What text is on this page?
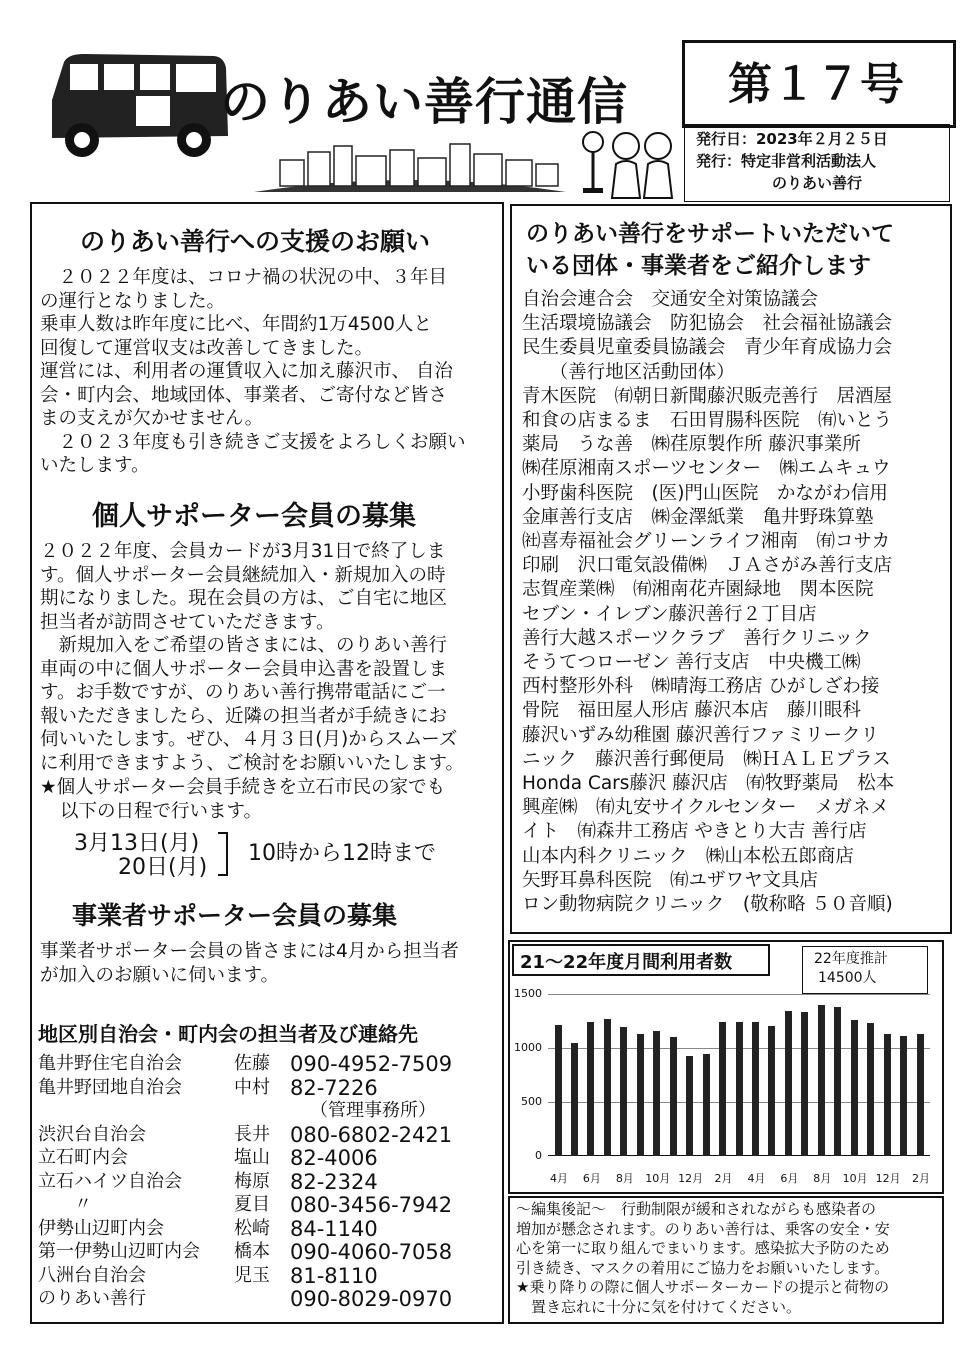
のりあい善行通信	第１７号
発行日：2023年２月２５日
発行：特定非営利活動法人
のりあい善行
のりあい善行への支援のお願い
　２０２２年度は、コロナ禍の状況の中、３年目
の運行となりました。
乗車人数は昨年度に比べ、年間約1万4500人と
回復して運営収支は改善してきました。
運営には、利用者の運賃収入に加え藤沢市、 自治
会・町内会、地域団体、事業者、ご寄付など皆さ
まの支えが欠かせません。
　２０２３年度も引き続きご支援をよろしくお願い
いたします。
個人サポーター会員の募集
２０２２年度、会員カードが3月31日で終了しま
す。個人サポーター会員継続加入・新規加入の時
期になりました。現在会員の方は、ご自宅に地区
担当者が訪問させていただきます。
　新規加入をご希望の皆さまには、のりあい善行
車両の中に個人サポーター会員申込書を設置しま
す。お手数ですが、のりあい善行携帯電話にご一
報いただきましたら、近隣の担当者が手続きにお
伺いいたします。ぜひ、４月３日(月)からスムーズ
に利用できますよう、ご検討をお願いいたします。
★個人サポーター会員手続きを立石市民の家でも
以下の日程で行います。
3月13日(月)
20日(月)
10時から12時まで
事業者サポーター会員の募集
事業者サポーター会員の皆さまには4月から担当者
が加入のお願いに伺います。
地区別自治会・町内会の担当者及び連絡先
亀井野住宅自治会	佐藤 090-4952-7509
亀井野団地自治会	中村 82-7226
（管理事務所）
渋沢台自治会	長井 080-6802-2421
立石町内会	塩山 82-4006
立石ハイツ自治会	梅原 82-2324
〃	夏目 080-3456-7942
伊勢山辺町内会	松崎 84-1140
第一伊勢山辺町内会 橋本 090-4060-7058
八洲台自治会	児玉 81-8110
のりあい善行	090-8029-0970
のりあい善行をサポートいただいて
いる団体・事業者をご紹介します
自治会連合会　交通安全対策協議会
生活環境協議会　防犯協会　社会福祉協議会
民生委員児童委員協議会　青少年育成協力会
　　（善行地区活動団体）
青木医院　㈲朝日新聞藤沢販売善行　居酒屋
和食の店まるま　石田胃腸科医院　㈲いとう
薬局　うな善　㈱荏原製作所 藤沢事業所
㈱荏原湘南スポーツセンター　㈱エムキュウ
小野歯科医院　(医)門山医院　かながわ信用
金庫善行支店　㈱金澤紙業　亀井野珠算塾
㈳喜寿福祉会グリーンライフ湘南　㈲コサカ
印刷　沢口電気設備㈱　ＪＡさがみ善行支店
志賀産業㈱　㈲湘南花卉園緑地　関本医院
セブン・イレブン藤沢善行２丁目店
善行大越スポーツクラブ　善行クリニック
そうてつローゼン 善行支店　中央機工㈱
西村整形外科　㈱晴海工務店 ひがしざわ接
骨院　福田屋人形店 藤沢本店　藤川眼科
藤沢いずみ幼稚園 藤沢善行ファミリークリ
ニック　藤沢善行郵便局　㈱ＨＡＬＥプラス
Honda Cars藤沢 藤沢店　㈲牧野薬局　松本
興産㈱　㈲丸安サイクルセンター　メガネメ
イト　㈲森井工務店 やきとり大吉 善行店
山本内科クリニック　㈱山本松五郎商店
矢野耳鼻科医院　㈲ユザワヤ文具店
ロン動物病院クリニック　(敬称略 ５０音順)
21～22年度月間利用者数	22年度推計
14500人
1500
1000
500
0
4月	6月	8月	10月 12月	2月	4月	6月	8月	10月 12月	2月
～編集後記～　行動制限が緩和されながらも感染者の
増加が懸念されます。のりあい善行は、乗客の安全・安
心を第一に取り組んでまいります。感染拡大予防のため
引き続き、マスクの着用にご協力をお願いいたします。
★乗り降りの際に個人サポーターカードの提示と荷物の
　置き忘れに十分に気を付けてください。
